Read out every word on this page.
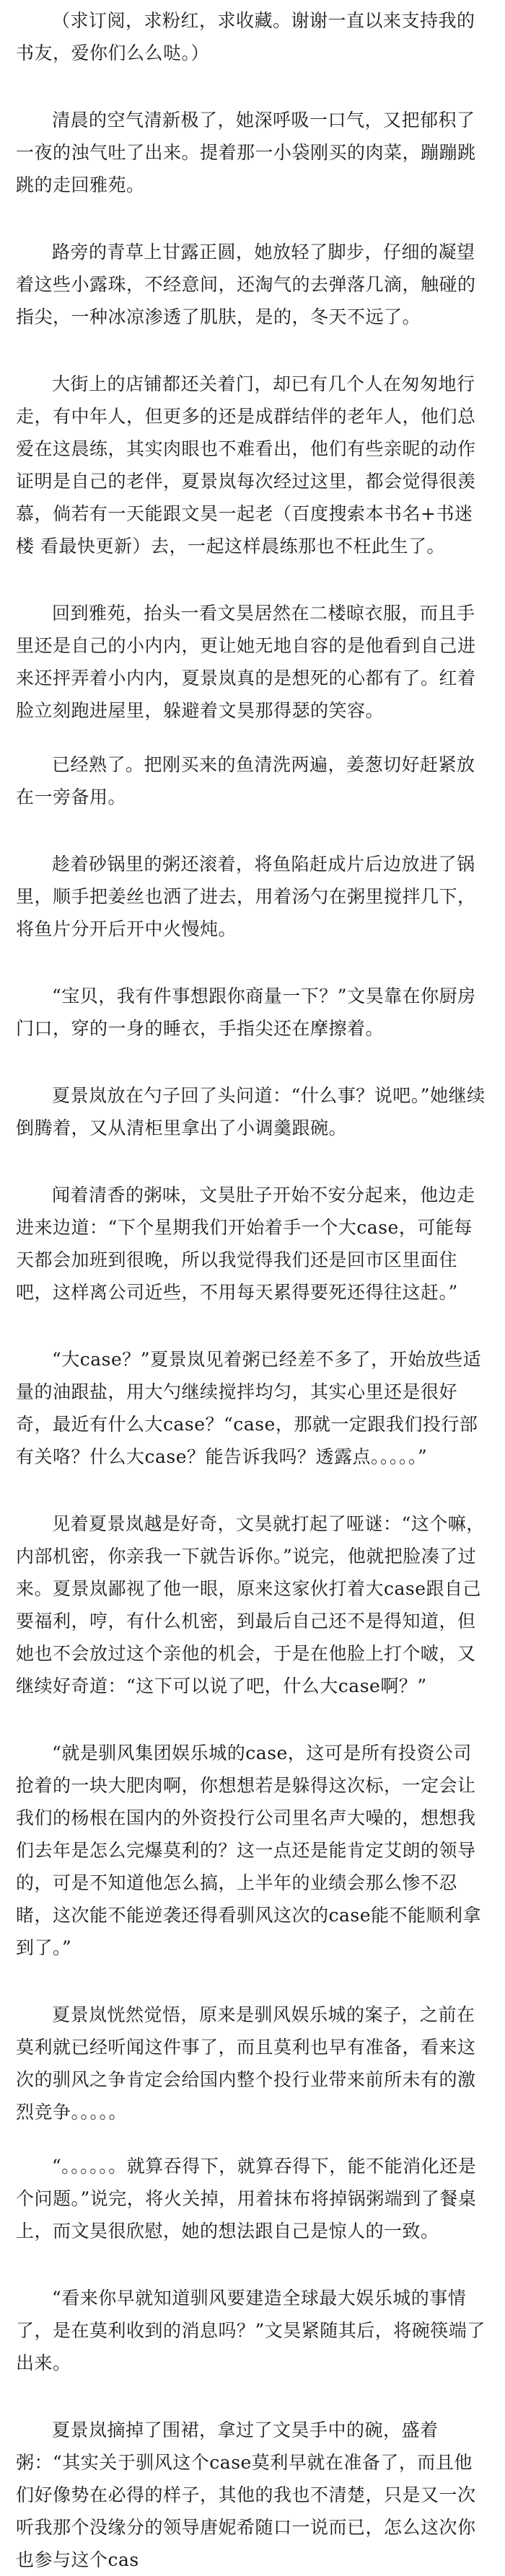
（求订阅，求粉红，求收藏。谢谢一直以来支持我的书友，爱你们么么哒。）

清晨的空气清新极了，她深呼吸一口气，又把郁积了一夜的浊气吐了出来。提着那一小袋刚买的肉菜，蹦蹦跳跳的走回雅苑。

路旁的青草上甘露正圆，她放轻了脚步，仔细的凝望着这些小露珠，不经意间，还淘气的去弹落几滴，触碰的指尖，一种冰凉渗透了肌肤，是的，冬天不远了。

大街上的店铺都还关着门，却已有几个人在匆匆地行走，有中年人，但更多的还是成群结伴的老年人，他们总爱在这晨练，其实肉眼也不难看出，他们有些亲昵的动作证明是自己的老伴，夏景岚每次经过这里，都会觉得很羡慕，倘若有一天能跟文昊一起老（百度搜索本书名+书迷楼 看最快更新）去，一起这样晨练那也不枉此生了。

回到雅苑，抬头一看文昊居然在二楼晾衣服，而且手里还是自己的小内内，更让她无地自容的是他看到自己进来还抨弄着小内内，夏景岚真的是想死的心都有了。红着脸立刻跑进屋里，躲避着文昊那得瑟的笑容。

已经熟了。把刚买来的鱼清洗两遍，姜葱切好赶紧放在一旁备用。

趁着砂锅里的粥还滚着，将鱼陷赶成片后边放进了锅里，顺手把姜丝也洒了进去，用着汤勺在粥里搅拌几下，将鱼片分开后开中火慢炖。

“宝贝，我有件事想跟你商量一下？”文昊靠在你厨房门口，穿的一身的睡衣，手指尖还在摩擦着。

夏景岚放在勺子回了头问道：“什么事？说吧。”她继续倒腾着，又从清柜里拿出了小调羹跟碗。

闻着清香的粥味，文昊肚子开始不安分起来，他边走进来边道：“下个星期我们开始着手一个大case，可能每天都会加班到很晚，所以我觉得我们还是回市区里面住吧，这样离公司近些，不用每天累得要死还得往这赶。”

“大case？”夏景岚见着粥已经差不多了，开始放些适量的油跟盐，用大勺继续搅拌均匀，其实心里还是很好奇，最近有什么大case？“case，那就一定跟我们投行部有关咯？什么大case？能告诉我吗？透露点。。。。。”

见着夏景岚越是好奇，文昊就打起了哑谜：“这个嘛，内部机密，你亲我一下就告诉你。”说完，他就把脸凑了过来。夏景岚鄙视了他一眼，原来这家伙打着大case跟自己要福利，哼，有什么机密，到最后自己还不是得知道，但她也不会放过这个亲他的机会，于是在他脸上打个啵，又继续好奇道：“这下可以说了吧，什么大case啊？”

“就是驯风集团娱乐城的case，这可是所有投资公司抢着的一块大肥肉啊，你想想若是躲得这次标，一定会让我们的杨根在国内的外资投行公司里名声大噪的，想想我们去年是怎么完爆莫利的？这一点还是能肯定艾朗的领导的，可是不知道他怎么搞，上半年的业绩会那么惨不忍睹，这次能不能逆袭还得看驯风这次的case能不能顺利拿到了。”

夏景岚恍然觉悟，原来是驯风娱乐城的案子，之前在莫利就已经听闻这件事了，而且莫利也早有准备，看来这次的驯风之争肯定会给国内整个投行业带来前所未有的激烈竞争。。。。。

“。。。。。。就算吞得下，就算吞得下，能不能消化还是个问题。”说完，将火关掉，用着抹布将掉锅粥端到了餐桌上，而文昊很欣慰，她的想法跟自己是惊人的一致。

“看来你早就知道驯风要建造全球最大娱乐城的事情了，是在莫利收到的消息吗？”文昊紧随其后，将碗筷端了出来。

夏景岚摘掉了围裙，拿过了文昊手中的碗，盛着粥：“其实关于驯风这个case莫利早就在准备了，而且他们好像势在必得的样子，其他的我也不清楚，只是又一次听我那个没缘分的领导唐妮希随口一说而已，怎么这次你也参与这个cas
